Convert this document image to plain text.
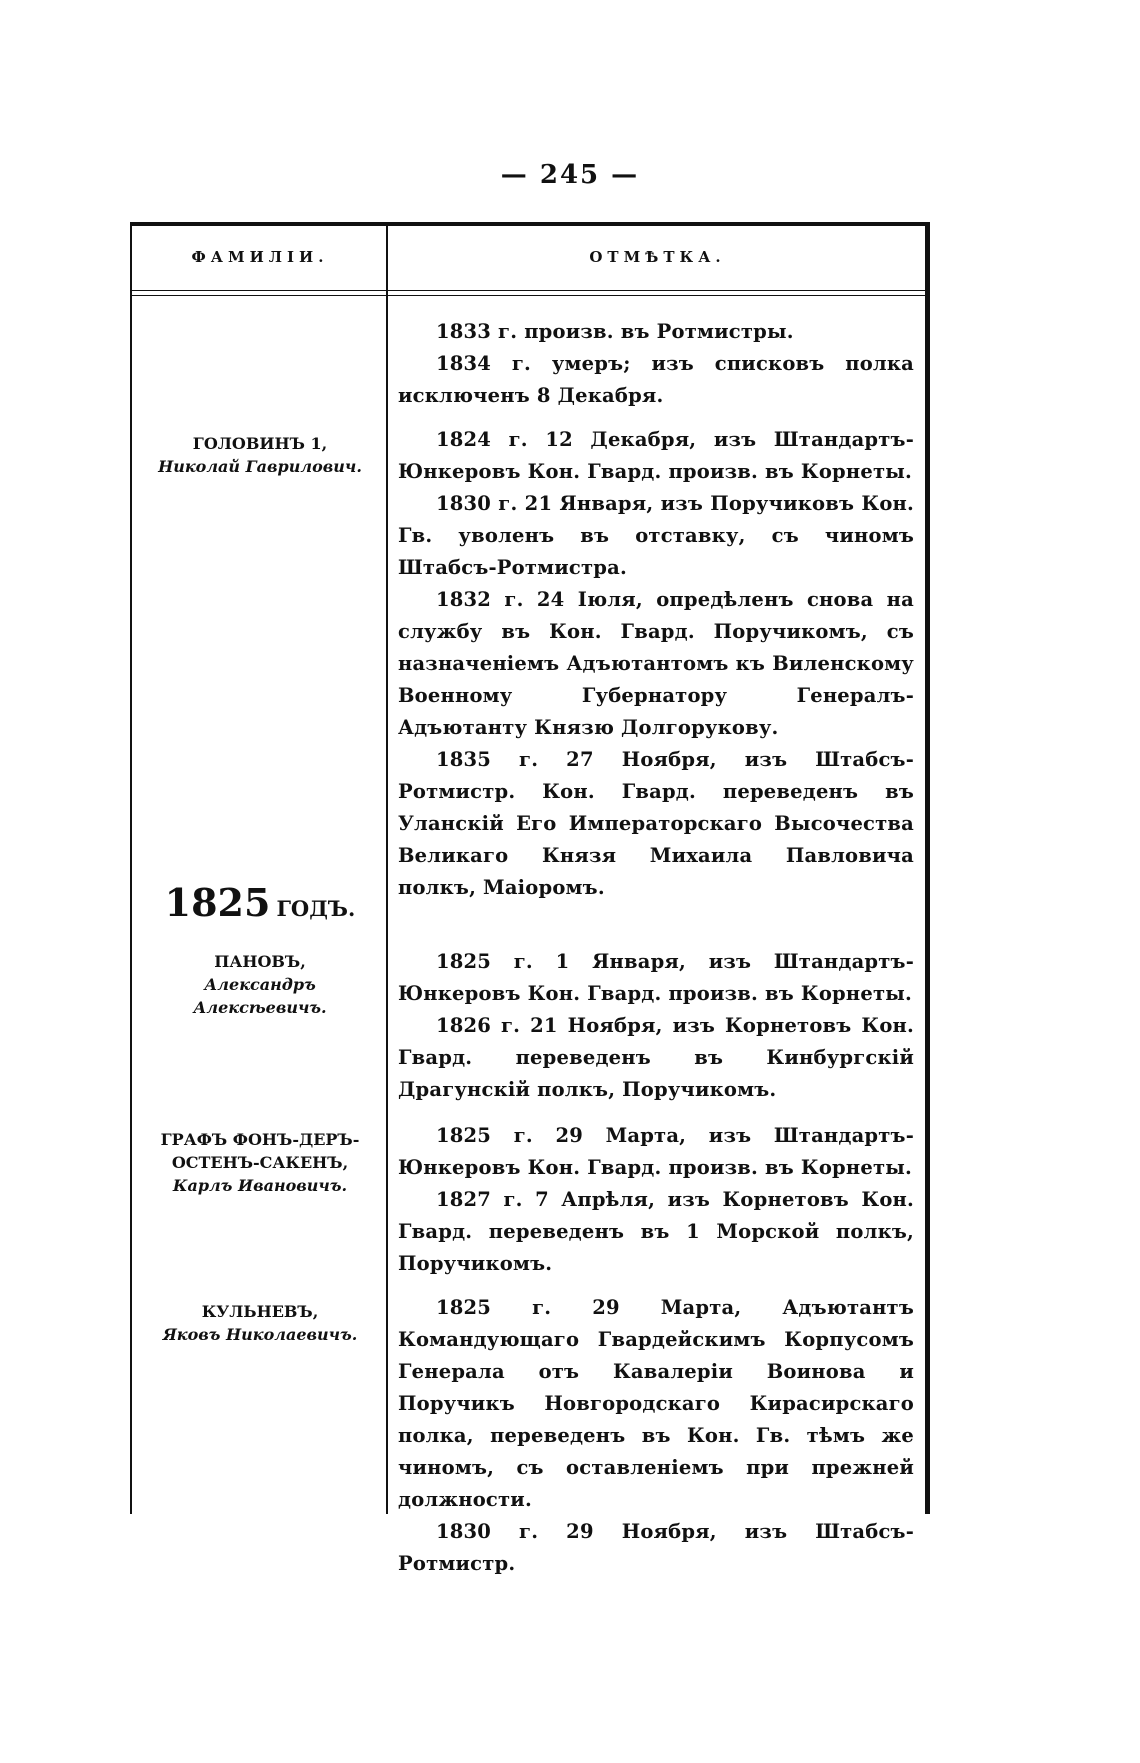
— 245 —
ФАМИЛІИ.	ОТМѢТКА.

1833 г. произв. въ Ротмистры.

1834 г. умеръ; изъ списковъ полка исключенъ 8 Декабря.

ГОЛОВИНЪ 1,
Николай Гаврилович.

1824 г. 12 Декабря, изъ Штандартъ-Юнкеровъ Кон. Гвард. произв. въ Корнеты.

1830 г. 21 Января, изъ Поручиковъ Кон. Гв. уволенъ въ отставку, съ чиномъ Штабсъ-Ротмистра.

1832 г. 24 Іюля, опредѣленъ снова на службу въ Кон. Гвард. Поручикомъ, съ назначеніемъ Адъютантомъ къ Виленскому Военному Губернатору Генералъ-Адъютанту Князю Долгорукову.

1835 г. 27 Ноября, изъ Штабсъ-Ротмистр. Кон. Гвард. переведенъ въ Уланскій Его Императорскаго Высочества Великаго Князя Михаила Павловича полкъ, Маіоромъ.

1825 ГОДЪ.
ПАНОВЪ,
Александръ Алексѣевичъ.

1825 г. 1 Января, изъ Штандартъ-Юнкеровъ Кон. Гвард. произв. въ Корнеты.

1826 г. 21 Ноября, изъ Корнетовъ Кон. Гвард. переведенъ въ Кинбургскій Драгунскій полкъ, Поручикомъ.

ГРАФЪ ФОНЪ-ДЕРЪ-ОСТЕНЪ-САКЕНЪ,
Карлъ Ивановичъ.

1825 г. 29 Марта, изъ Штандартъ-Юнкеровъ Кон. Гвард. произв. въ Корнеты.

1827 г. 7 Апрѣля, изъ Корнетовъ Кон. Гвард. переведенъ въ 1 Морской полкъ, Поручикомъ.

КУЛЬНЕВЪ,
Яковъ Николаевичъ.

1825 г. 29 Марта, Адъютантъ Командующаго Гвардейскимъ Корпусомъ Генерала отъ Кавалеріи Воинова и Поручикъ Новгородскаго Кирасирскаго полка, переведенъ въ Кон. Гв. тѣмъ же чиномъ, съ оставленіемъ при прежней должности.

1830 г. 29 Ноября, изъ Штабсъ-Ротмистр.
